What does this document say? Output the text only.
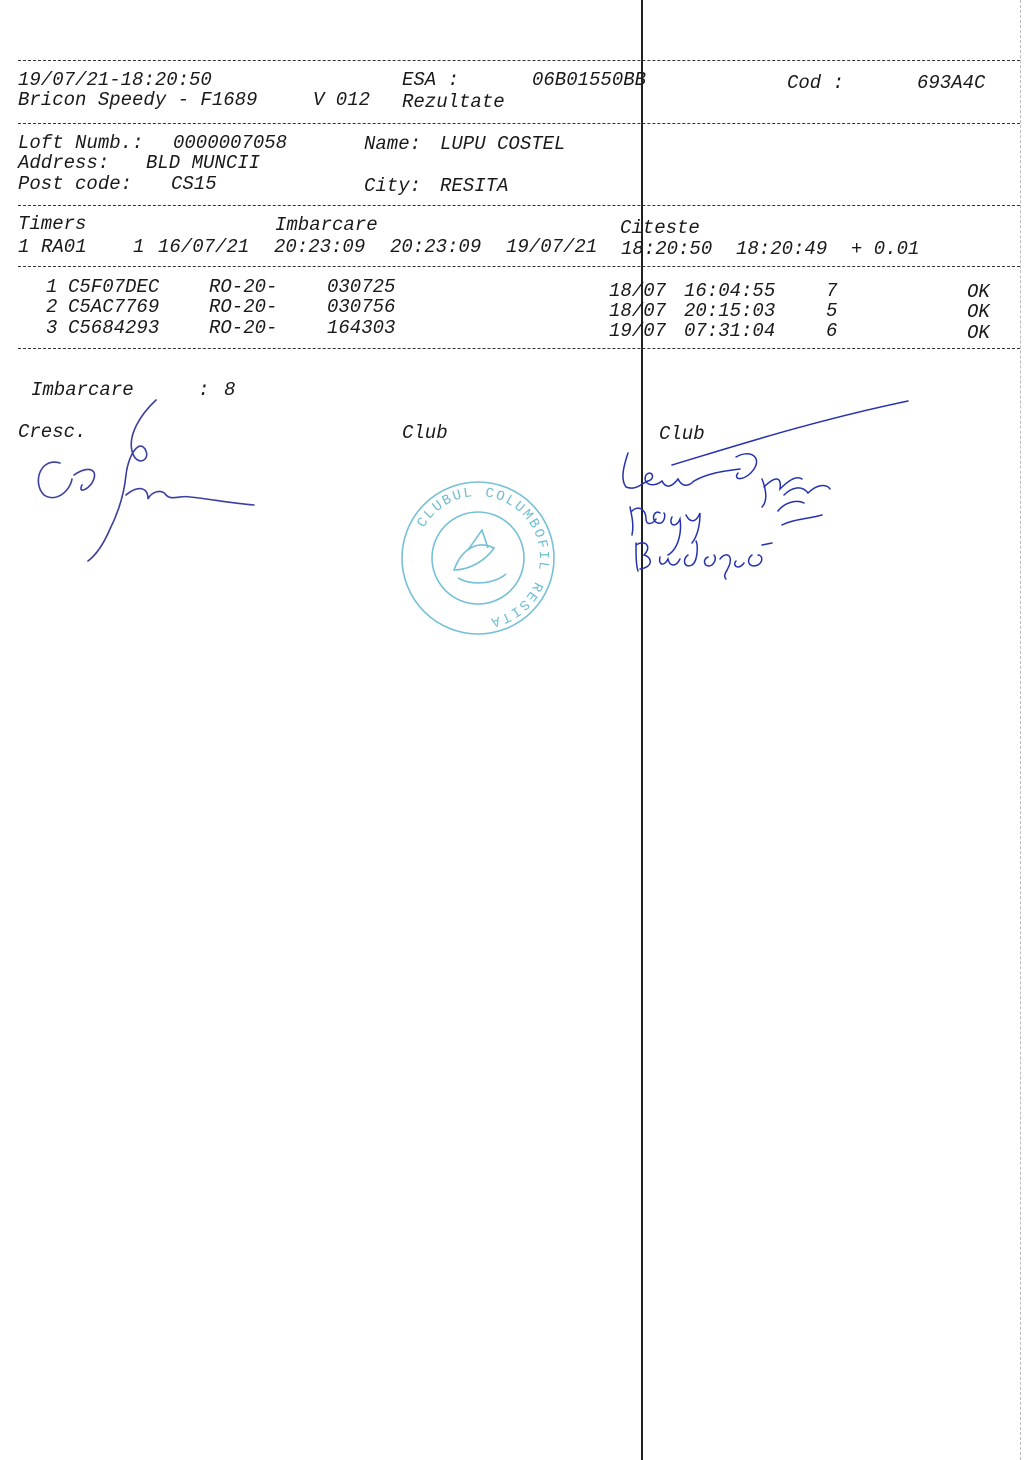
19/07/21-18:20:50	ESA :	06B01550BB	Cod :	693A4C
Bricon Speedy - F1689	V 012 Rezultate
Loft Numb.: 0000007058	Name: LUPU COSTEL
Address: BLD MUNCII
Post code: CS15	City: RESITA
Timers	Imbarcare	Citeste
1 RA01 1 16/07/21 20:23:09 20:23:09 19/07/21 18:20:50 18:20:49 + 0.01
1 C5F07DEC	RO-20-	030725	18/07 16:04:55	7	OK
2 C5AC7769	RO-20-	030756	18/07 20:15:03	5	OK
3 C5684293	RO-20-	164303	19/07 07:31:04	6	OK
Imbarcare	: 8
Cresc.	Club	Club
CLUBUL COLUMBOFIL RESITA
